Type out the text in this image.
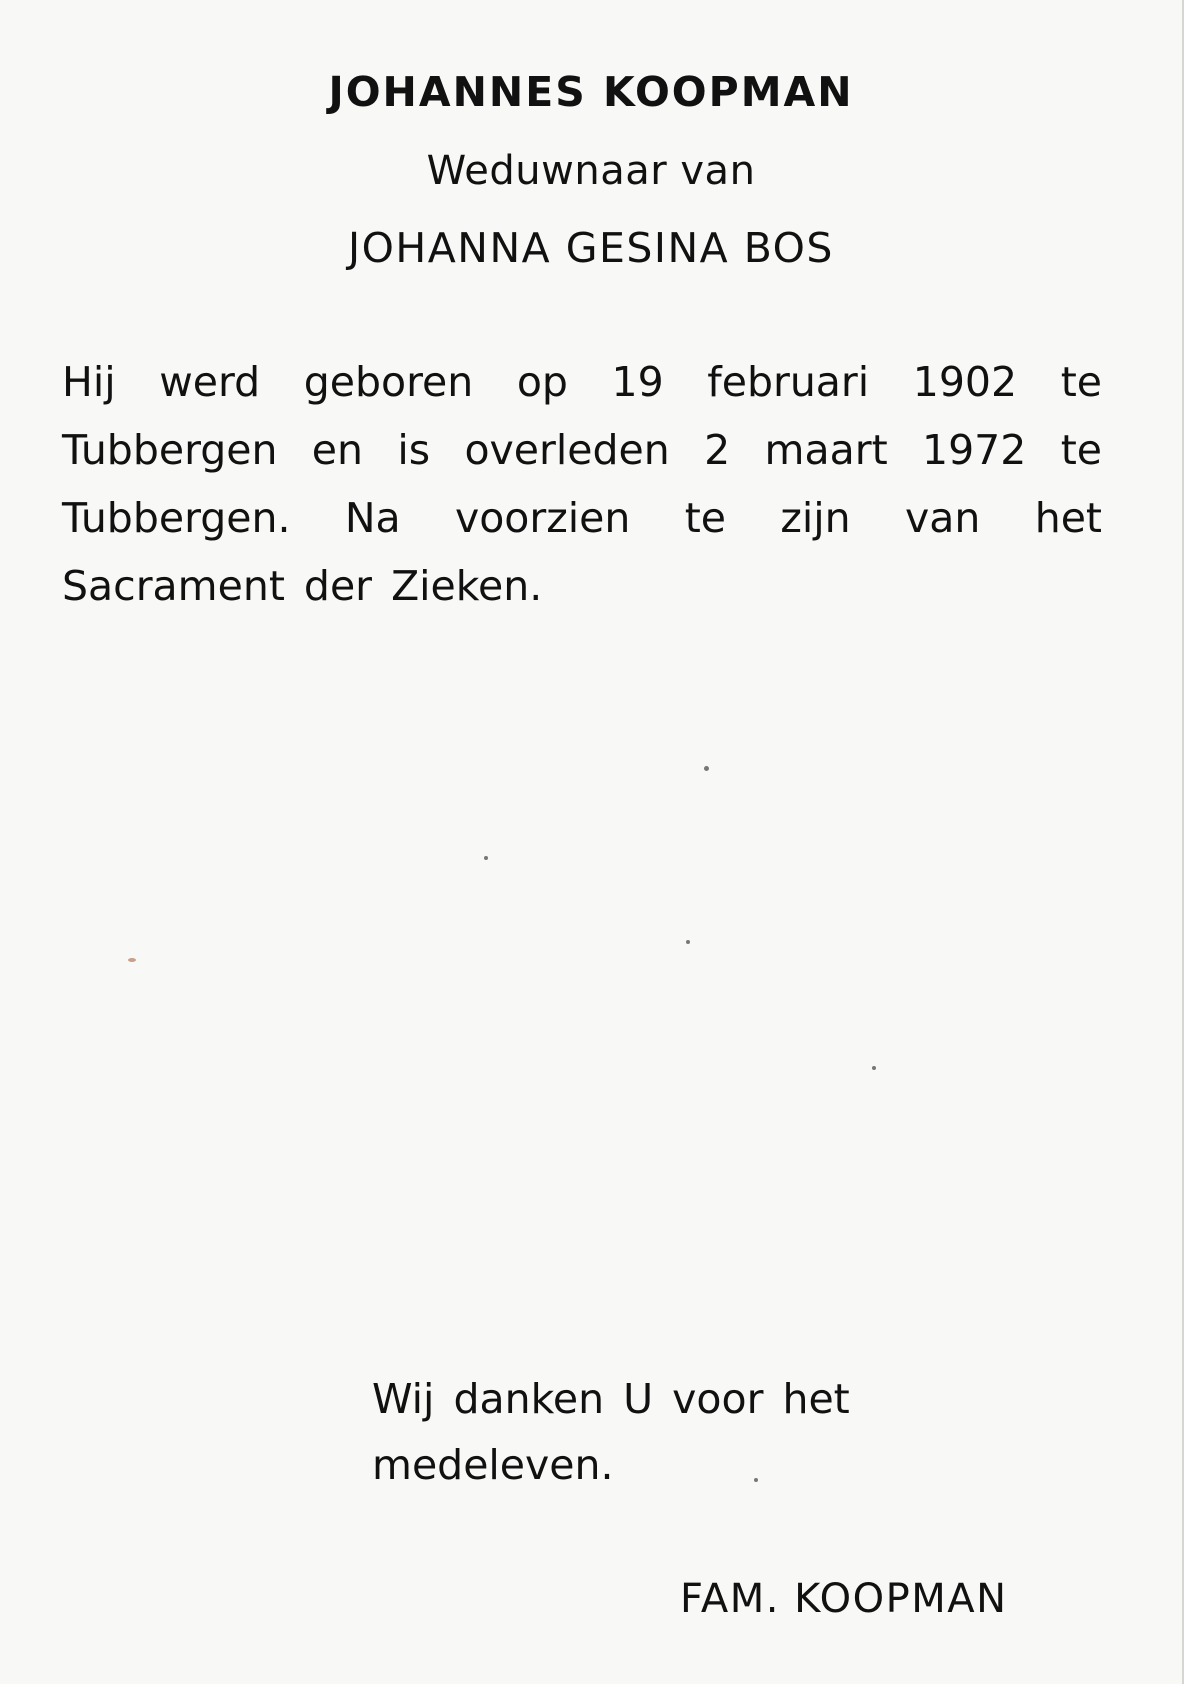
JOHANNES KOOPMAN

Weduwnaar van

JOHANNA GESINA BOS

Hij werd geboren op 19 februari 1902 te Tubbergen en is overleden 2 maart 1972 te Tubbergen. Na voorzien te zijn van het Sacrament der Zieken.

Wij danken U voor het medeleven.

FAM. KOOPMAN
